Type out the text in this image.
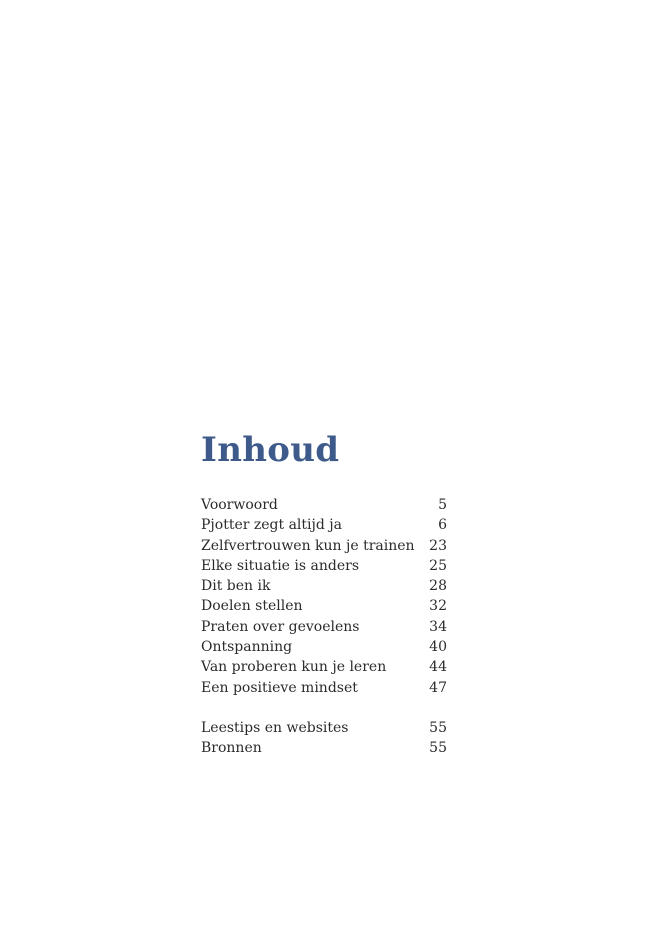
Inhoud
Voorwoord	5
Pjotter zegt altijd ja	6
Zelfvertrouwen kun je trainen	23
Elke situatie is anders	25
Dit ben ik	28
Doelen stellen	32
Praten over gevoelens	34
Ontspanning	40
Van proberen kun je leren	44
Een positieve mindset	47
Leestips en websites	55
Bronnen	55
